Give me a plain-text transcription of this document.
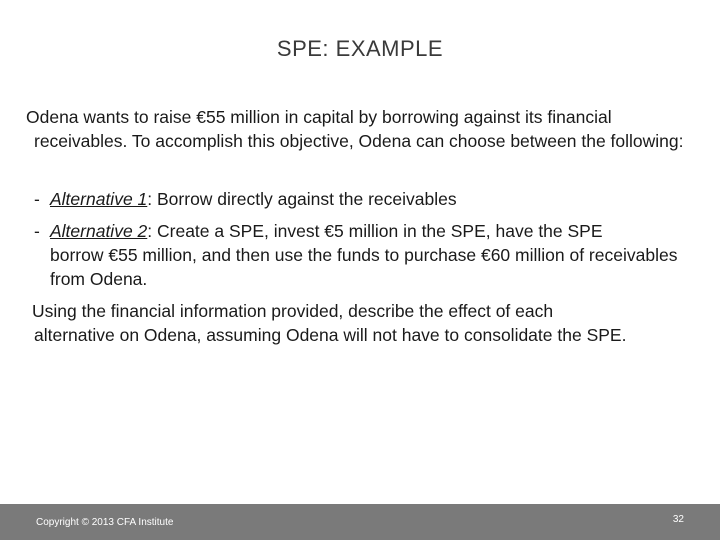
SPE: EXAMPLE
Odena wants to raise €55 million in capital by borrowing against its financial
receivables. To accomplish this objective, Odena can choose between the following:
- Alternative 1: Borrow directly against the receivables
- Alternative 2: Create a SPE, invest €5 million in the SPE, have the SPE
borrow €55 million, and then use the funds to purchase €60 million of receivables from Odena.
Using the financial information provided, describe the effect of each
alternative on Odena, assuming Odena will not have to consolidate the SPE.
Copyright © 2013 CFA Institute	32
